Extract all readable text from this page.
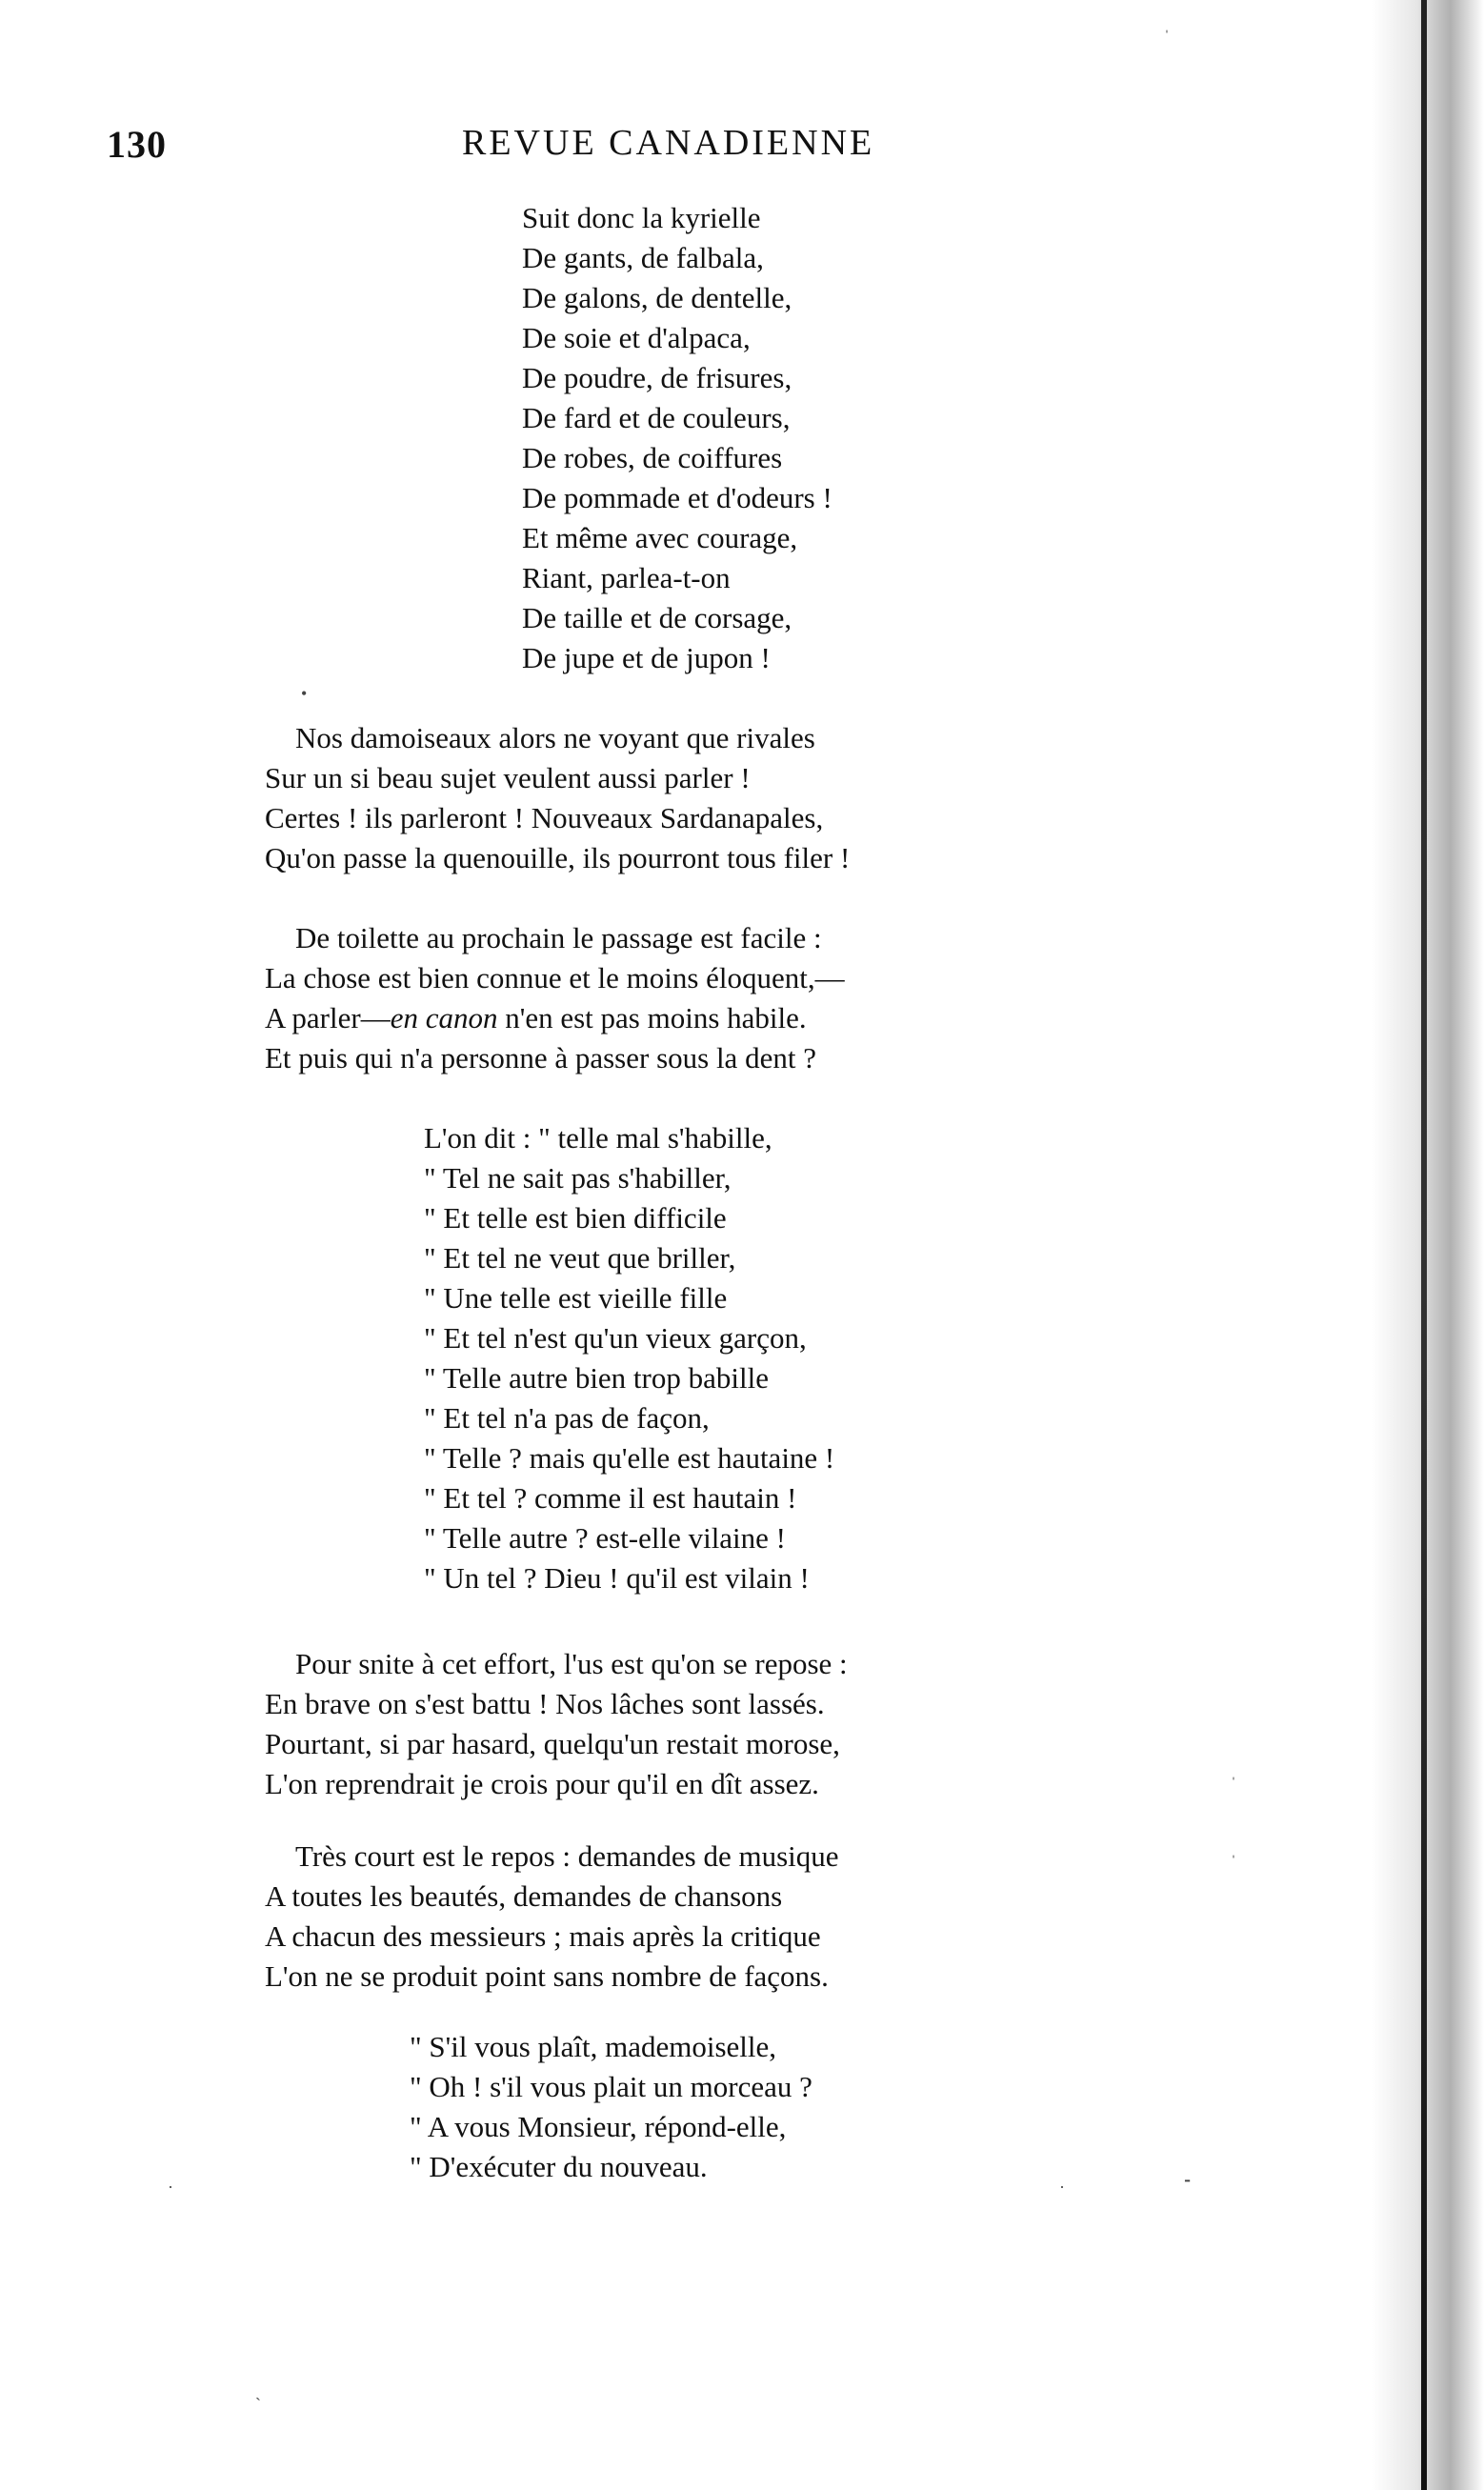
130	REVUE CANADIENNE
Suit donc la kyrielle
De gants, de falbala,
De galons, de dentelle,
De soie et d'alpaca,
De poudre, de frisures,
De fard et de couleurs,
De robes, de coiffures
De pommade et d'odeurs !
Et même avec courage,
Riant, parlea-t-on
De taille et de corsage,
De jupe et de jupon !
Nos damoiseaux alors ne voyant que rivales
Sur un si beau sujet veulent aussi parler !
Certes ! ils parleront ! Nouveaux Sardanapales,
Qu'on passe la quenouille, ils pourront tous filer !
De toilette au prochain le passage est facile :
La chose est bien connue et le moins éloquent,—
A parler—en canon n'en est pas moins habile.
Et puis qui n'a personne à passer sous la dent ?
L'on dit : " telle mal s'habille,
" Tel ne sait pas s'habiller,
" Et telle est bien difficile
" Et tel ne veut que briller,
" Une telle est vieille fille
" Et tel n'est qu'un vieux garçon,
" Telle autre bien trop babille
" Et tel n'a pas de façon,
" Telle ? mais qu'elle est hautaine !
" Et tel ? comme il est hautain !
" Telle autre ? est-elle vilaine !
" Un tel ? Dieu ! qu'il est vilain !
Pour snite à cet effort, l'us est qu'on se repose :
En brave on s'est battu ! Nos lâches sont lassés.
Pourtant, si par hasard, quelqu'un restait morose,
L'on reprendrait je crois pour qu'il en dît assez.
Très court est le repos : demandes de musique
A toutes les beautés, demandes de chansons
A chacun des messieurs ; mais après la critique
L'on ne se produit point sans nombre de façons.
" S'il vous plaît, mademoiselle,
" Oh ! s'il vous plait un morceau ?
" A vous Monsieur, répond-elle,
" D'exécuter du nouveau.
ˈ
•
ˈ
ˈ
·	·	⁃
ˎ
